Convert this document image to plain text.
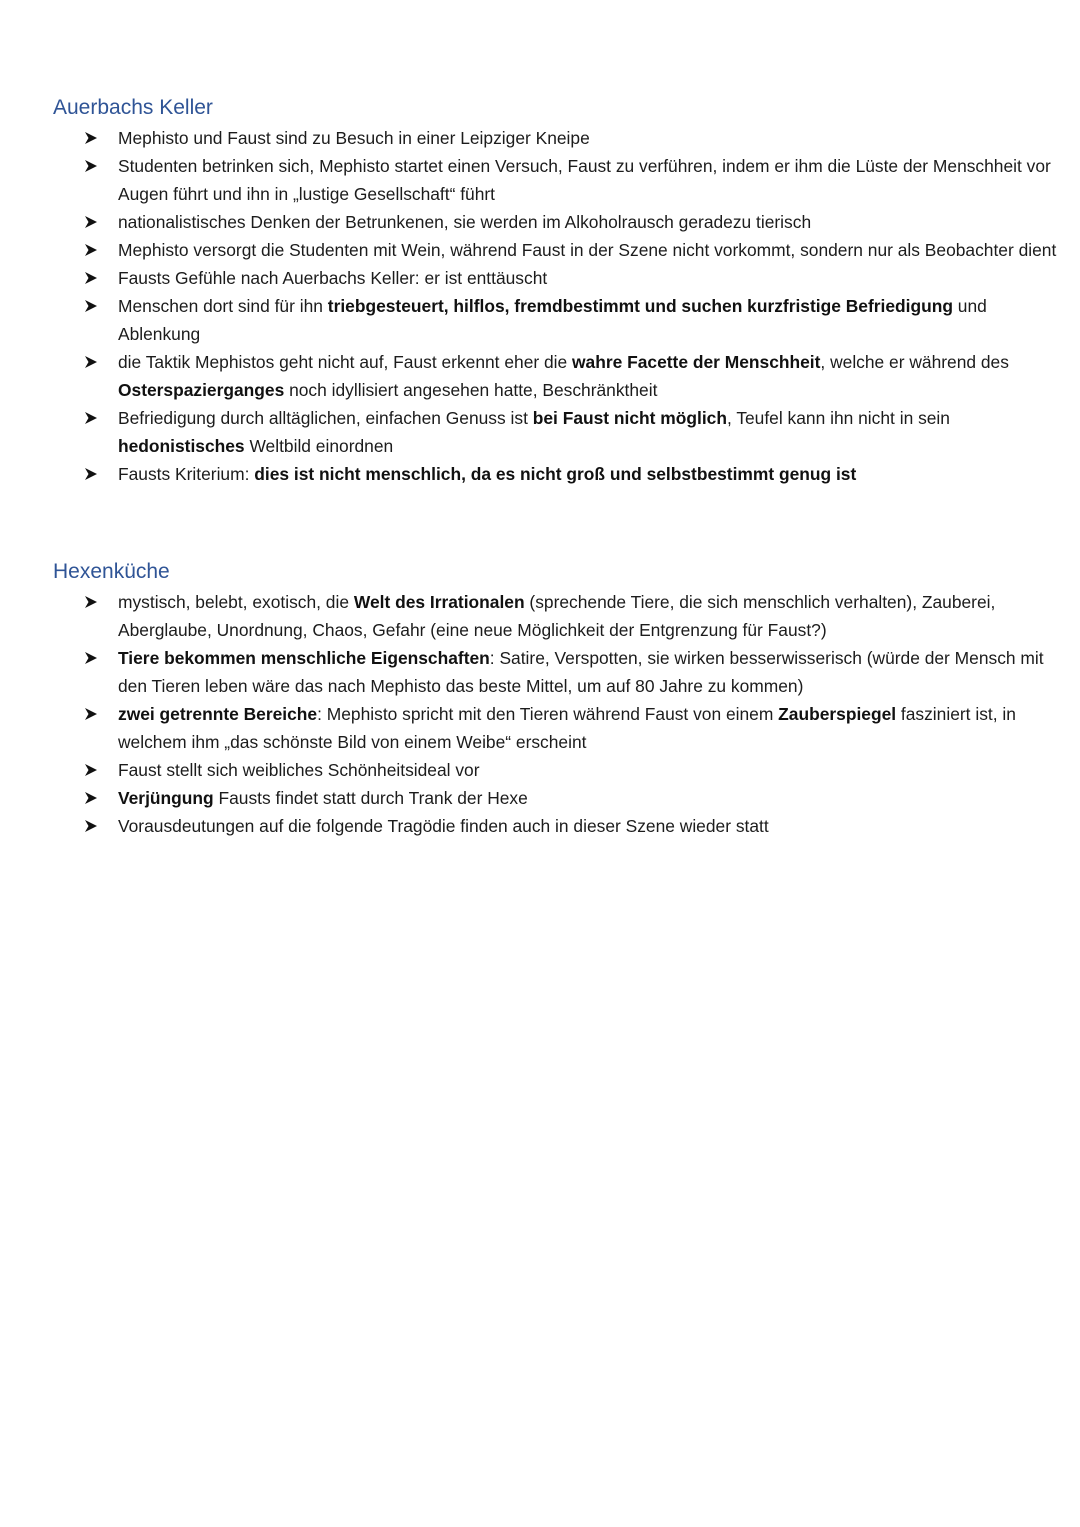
Auerbachs Keller
Mephisto und Faust sind zu Besuch in einer Leipziger Kneipe
Studenten betrinken sich, Mephisto startet einen Versuch, Faust zu verführen, indem er ihm die Lüste der Menschheit vor Augen führt und ihn in „lustige Gesellschaft“ führt
nationalistisches Denken der Betrunkenen, sie werden im Alkoholrausch geradezu tierisch
Mephisto versorgt die Studenten mit Wein, während Faust in der Szene nicht vorkommt, sondern nur als Beobachter dient
Fausts Gefühle nach Auerbachs Keller: er ist enttäuscht
Menschen dort sind für ihn triebgesteuert, hilflos, fremdbestimmt und suchen kurzfristige Befriedigung und Ablenkung
die Taktik Mephistos geht nicht auf, Faust erkennt eher die wahre Facette der Menschheit, welche er während des Osterspazierganges noch idyllisiert angesehen hatte, Beschränktheit
Befriedigung durch alltäglichen, einfachen Genuss ist bei Faust nicht möglich, Teufel kann ihn nicht in sein hedonistisches Weltbild einordnen
Fausts Kriterium: dies ist nicht menschlich, da es nicht groß und selbstbestimmt genug ist
Hexenküche
mystisch, belebt, exotisch, die Welt des Irrationalen (sprechende Tiere, die sich menschlich verhalten), Zauberei, Aberglaube, Unordnung, Chaos, Gefahr (eine neue Möglichkeit der Entgrenzung für Faust?)
Tiere bekommen menschliche Eigenschaften: Satire, Verspotten, sie wirken besserwisserisch (würde der Mensch mit den Tieren leben wäre das nach Mephisto das beste Mittel, um auf 80 Jahre zu kommen)
zwei getrennte Bereiche: Mephisto spricht mit den Tieren während Faust von einem Zauberspiegel fasziniert ist, in welchem ihm „das schönste Bild von einem Weibe“ erscheint
Faust stellt sich weibliches Schönheitsideal vor
Verjüngung Fausts findet statt durch Trank der Hexe
Vorausdeutungen auf die folgende Tragödie finden auch in dieser Szene wieder statt
